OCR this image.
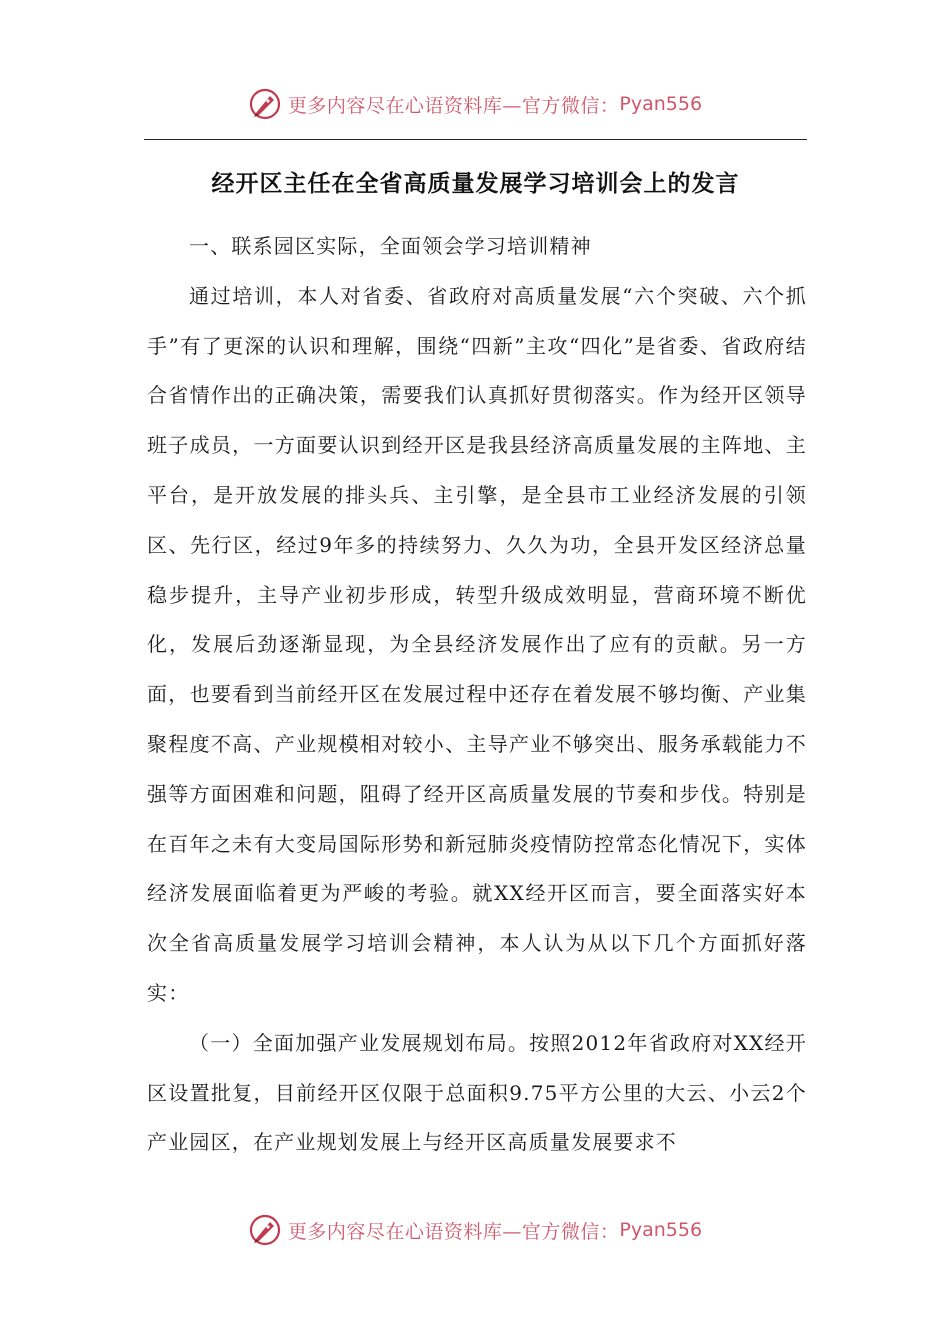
更多内容尽在心语资料库—官方微信： Pyan556
经开区主任在全省高质量发展学习培训会上的发言

一、联系园区实际，全面领会学习培训精神

通过培训，本人对省委、省政府对高质量发展“六个突破、六个抓手”有了更深的认识和理解，围绕“四新”主攻“四化”是省委、省政府结合省情作出的正确决策，需要我们认真抓好贯彻落实。作为经开区领导班子成员，一方面要认识到经开区是我县经济高质量发展的主阵地、主平台，是开放发展的排头兵、主引擎，是全县市工业经济发展的引领区、先行区，经过9年多的持续努力、久久为功，全县开发区经济总量稳步提升，主导产业初步形成，转型升级成效明显，营商环境不断优化，发展后劲逐渐显现，为全县经济发展作出了应有的贡献。另一方面，也要看到当前经开区在发展过程中还存在着发展不够均衡、产业集聚程度不高、产业规模相对较小、主导产业不够突出、服务承载能力不强等方面困难和问题，阻碍了经开区高质量发展的节奏和步伐。特别是在百年之未有大变局国际形势和新冠肺炎疫情防控常态化情况下，实体经济发展面临着更为严峻的考验。就XX经开区而言，要全面落实好本次全省高质量发展学习培训会精神，本人认为从以下几个方面抓好落实：

（一）全面加强产业发展规划布局。按照2012年省政府对XX经开区设置批复，目前经开区仅限于总面积9.75平方公里的大云、小云2个产业园区，在产业规划发展上与经开区高质量发展要求不

更多内容尽在心语资料库—官方微信： Pyan556
